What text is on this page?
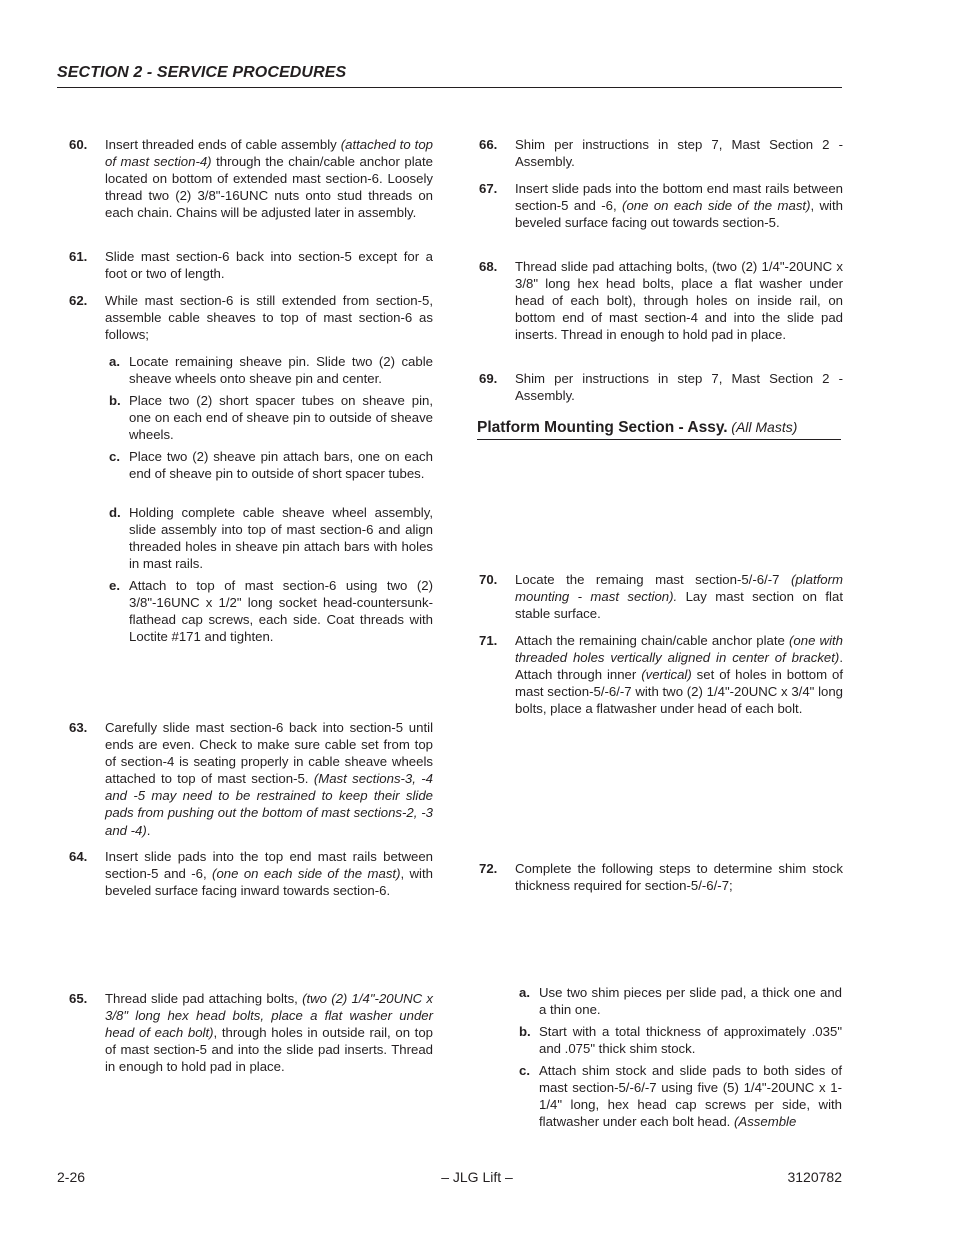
SECTION 2 - SERVICE PROCEDURES
60.	Insert threaded ends of cable assembly (attached to top of mast section-4) through the chain/cable anchor plate located on bottom of extended mast section-6. Loosely thread two (2) 3/8"-16UNC nuts onto stud threads on each chain. Chains will be adjusted later in assembly.
61.	Slide mast section-6 back into section-5 except for a foot or two of length.
62.	While mast section-6 is still extended from section-5, assemble cable sheaves to top of mast section-6 as follows;
a. Locate remaining sheave pin. Slide two (2) cable sheave wheels onto sheave pin and center.
b. Place two (2) short spacer tubes on sheave pin, one on each end of sheave pin to outside of sheave wheels.
c. Place two (2) sheave pin attach bars, one on each end of sheave pin to outside of short spacer tubes.
d. Holding complete cable sheave wheel assembly, slide assembly into top of mast section-6 and align threaded holes in sheave pin attach bars with holes in mast rails.
e. Attach to top of mast section-6 using two (2) 3/8"-16UNC x 1/2" long socket head-countersunk-flathead cap screws, each side. Coat threads with Loctite #171 and tighten.
63.	Carefully slide mast section-6 back into section-5 until ends are even. Check to make sure cable set from top of section-4 is seating properly in cable sheave wheels attached to top of mast section-5. (Mast sections-3, -4 and -5 may need to be restrained to keep their slide pads from pushing out the bottom of mast sections-2, -3 and -4).
64.	Insert slide pads into the top end mast rails between section-5 and -6, (one on each side of the mast), with beveled surface facing inward towards section-6.
65.	Thread slide pad attaching bolts, (two (2) 1/4"-20UNC x 3/8" long hex head bolts, place a flat washer under head of each bolt), through holes in outside rail, on top of mast section-5 and into the slide pad inserts. Thread in enough to hold pad in place.
66.	Shim per instructions in step 7, Mast Section 2 - Assembly.
67.	Insert slide pads into the bottom end mast rails between section-5 and -6, (one on each side of the mast), with beveled surface facing out towards section-5.
68.	Thread slide pad attaching bolts, (two (2) 1/4"-20UNC x 3/8" long hex head bolts, place a flat washer under head of each bolt), through holes on inside rail, on bottom end of mast section-4 and into the slide pad inserts. Thread in enough to hold pad in place.
69.	Shim per instructions in step 7, Mast Section 2 - Assembly.
Platform Mounting Section - Assy. (All Masts)
70.	Locate the remaing mast section-5/-6/-7 (platform mounting - mast section). Lay mast section on flat stable surface.
71.	Attach the remaining chain/cable anchor plate (one with threaded holes vertically aligned in center of bracket). Attach through inner (vertical) set of holes in bottom of mast section-5/-6/-7 with two (2) 1/4"-20UNC x 3/4" long bolts, place a flatwasher under head of each bolt.
72.	Complete the following steps to determine shim stock thickness required for section-5/-6/-7;
a. Use two shim pieces per slide pad, a thick one and a thin one.
b. Start with a total thickness of approximately .035" and .075" thick shim stock.
c. Attach shim stock and slide pads to both sides of mast section-5/-6/-7 using five (5) 1/4"-20UNC x 1-1/4" long, hex head cap screws per side, with flatwasher under each bolt head. (Assemble
2-26	– JLG Lift –	3120782
